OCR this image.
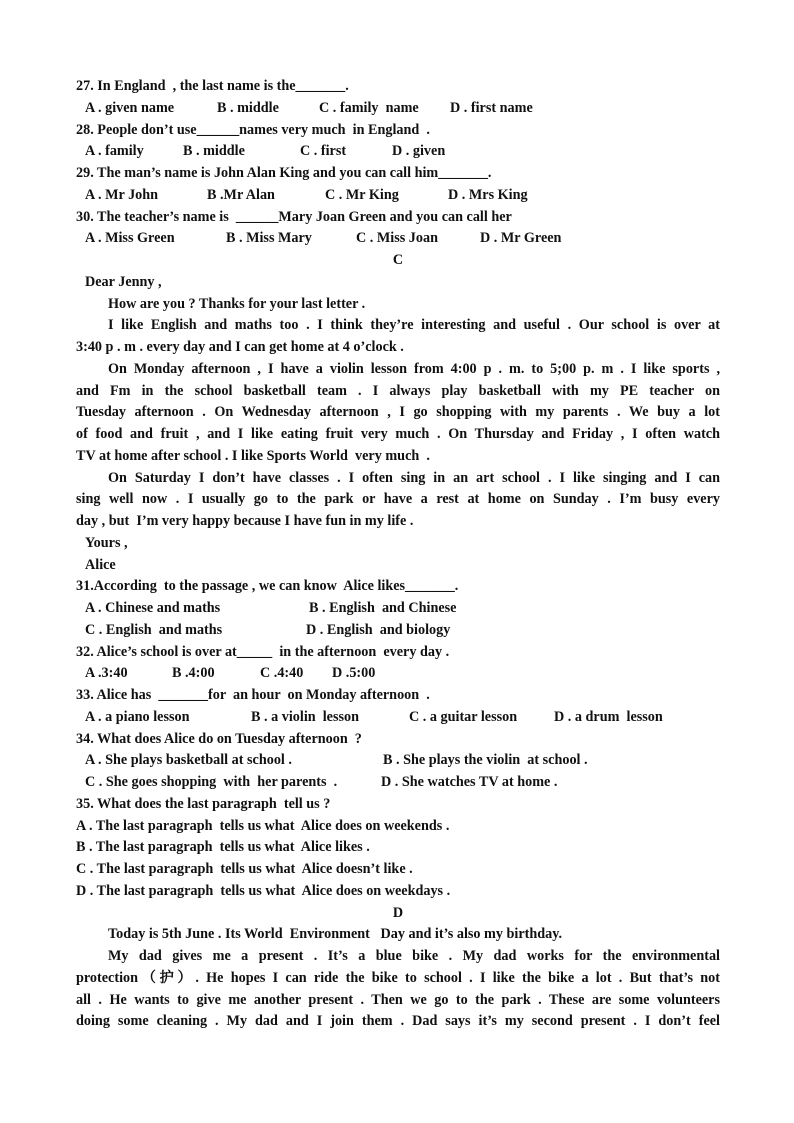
27. In England  , the last name is the_______.
A . given name	B . middle	C . family  name D . first name
28. People don’t use______names very much  in England  .
A . family	B . middle	C . first	D . given
29. The man’s name is John Alan King and you can call him_______.
A . Mr John	B .Mr Alan	C . Mr King	D . Mrs King
30. The teacher’s name is  ______Mary Joan Green and you can call her
A . Miss Green	B . Miss Mary	C . Miss Joan	D . Mr Green
C
Dear Jenny ,
How are you ? Thanks for your last letter .
I like English and maths too . I think they’re interesting and useful . Our school is over at
3:40 p . m . every day and I can get home at 4 o’clock .
On Monday afternoon , I have a violin lesson from 4:00 p . m. to 5;00 p. m . I like sports ,
and Fm in the school basketball team . I always play basketball with my PE teacher on
Tuesday afternoon . On Wednesday afternoon , I go shopping with my parents . We buy a lot
of food and fruit , and I like eating fruit very much . On Thursday and Friday , I often watch
TV at home after school . I like Sports World  very much  .
On Saturday I don’t have classes . I often sing in an art school . I like singing and I can
sing well now . I usually go to the park or have a rest at home on Sunday . I’m busy every
day , but  I’m very happy because I have fun in my life .
Yours ,
Alice
31.According  to the passage , we can know  Alice likes_______.
A . Chinese and maths	B . English  and Chinese
C . English  and maths	D . English  and biology
32. Alice’s school is over at_____  in the afternoon  every day .
A .3:40	B .4:00	C .4:40 D .5:00
33. Alice has  _______for  an hour  on Monday afternoon  .
A . a piano lesson	B . a violin  lesson	C . a guitar lesson	D . a drum  lesson
34. What does Alice do on Tuesday afternoon  ?
A . She plays basketball at school .	B . She plays the violin  at school .
C . She goes shopping  with  her parents  .	D . She watches TV at home .
35. What does the last paragraph  tell us ?
A . The last paragraph  tells us what  Alice does on weekends .
B . The last paragraph  tells us what  Alice likes .
C . The last paragraph  tells us what  Alice doesn’t like .
D . The last paragraph  tells us what  Alice does on weekdays .
D
Today is 5th June . Its World  Environment   Day and it’s also my birthday.
My dad gives me a present . It’s a blue bike . My dad works for the environmental
protection（护）. He hopes I can ride the bike to school . I like the bike a lot . But that’s not
all . He wants to give me another present . Then we go to the park . These are some volunteers
doing some cleaning . My dad and I join them . Dad says it’s my second present . I don’t feel
